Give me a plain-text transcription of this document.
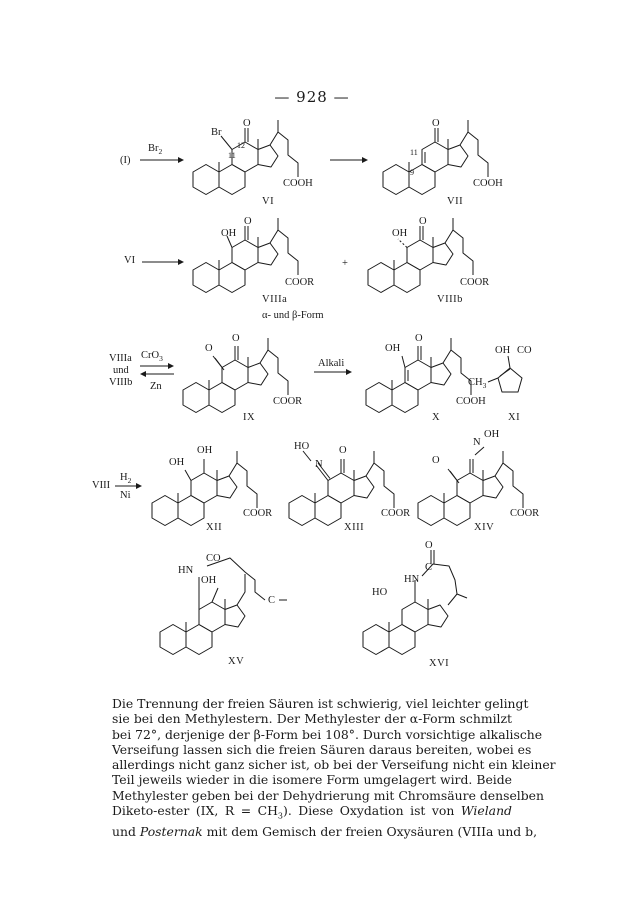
— 928 —
(I)
$Br_2$
O
Br
12
11
COOH
VI
O
11
9
COOH
VII
VI
O
OH
COOR
VIIIa
+
O
OH
COOR
VIIIb
α- und β-Form
VIIIa
und
VIIIb
CrO$_3$
Zn
O
O
COOR
IX
Alkali
O
OH
COOH
X
OH CO
$CH_3$
XI
VIII
$H_2$
Ni
OH
OH
COOR
XII
HO	O
N
COOR
XIII
N
OH
O
COOR
XIV
HN
CO
OH
C
XV
O
HN
C
HO
XVI
Die Trennung der freien Säuren ist schwierig, viel leichter gelingt
sie bei den Methylestern. Der Methylester der α-Form schmilzt
bei 72°, derjenige der β-Form bei 108°. Durch vorsichtige alkalische
Verseifung lassen sich die freien Säuren daraus bereiten, wobei es
allerdings nicht ganz sicher ist, ob bei der Verseifung nicht ein kleiner
Teil jeweils wieder in die isomere Form umgelagert wird. Beide
Methylester geben bei der Dehydrierung mit Chromsäure denselben
Diketo-ester (IX, $R = CH_3$). Diese Oxydation ist von Wieland
und Posternak mit dem Gemisch der freien Oxysäuren (VIIIa und b,
